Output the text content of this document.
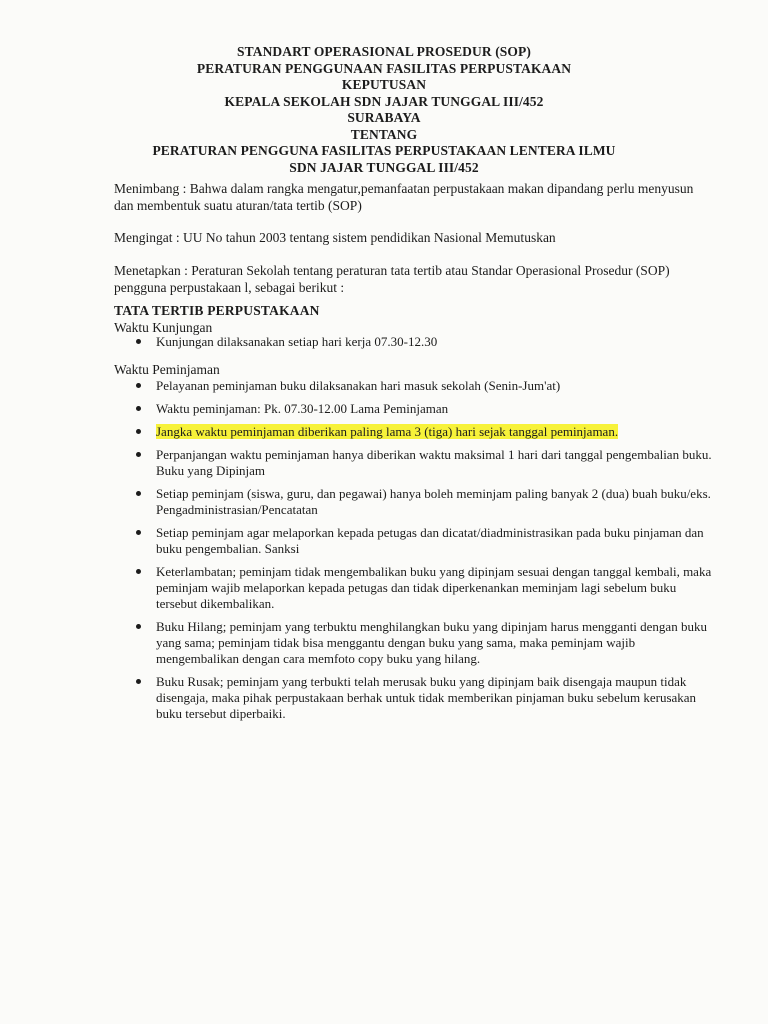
STANDART OPERASIONAL PROSEDUR (SOP)
PERATURAN PENGGUNAAN FASILITAS PERPUSTAKAAN
KEPUTUSAN
KEPALA SEKOLAH SDN JAJAR TUNGGAL III/452
SURABAYA
TENTANG
PERATURAN PENGGUNA FASILITAS PERPUSTAKAAN LENTERA ILMU
SDN JAJAR TUNGGAL III/452
Menimbang : Bahwa dalam rangka mengatur,pemanfaatan perpustakaan makan dipandang perlu menyusun dan membentuk suatu aturan/tata tertib (SOP)
Mengingat : UU No tahun 2003 tentang sistem pendidikan Nasional Memutuskan
Menetapkan : Peraturan Sekolah tentang peraturan tata tertib atau Standar Operasional Prosedur (SOP) pengguna perpustakaan l, sebagai berikut :
TATA TERTIB PERPUSTAKAAN
Waktu Kunjungan
Kunjungan dilaksanakan setiap hari kerja 07.30-12.30
Waktu Peminjaman
Pelayanan peminjaman buku dilaksanakan hari masuk sekolah (Senin-Jum'at)
Waktu peminjaman: Pk. 07.30-12.00 Lama Peminjaman
Jangka waktu peminjaman diberikan paling lama 3 (tiga) hari sejak tanggal peminjaman.
Perpanjangan waktu peminjaman hanya diberikan waktu maksimal 1 hari dari tanggal pengembalian buku. Buku yang Dipinjam
Setiap peminjam (siswa, guru, dan pegawai) hanya boleh meminjam paling banyak 2 (dua) buah buku/eks. Pengadministrasian/Pencatatan
Setiap peminjam agar melaporkan kepada petugas dan dicatat/diadministrasikan pada buku pinjaman dan buku pengembalian. Sanksi
Keterlambatan; peminjam tidak mengembalikan buku yang dipinjam sesuai dengan tanggal kembali, maka peminjam wajib melaporkan kepada petugas dan tidak diperkenankan meminjam lagi sebelum buku tersebut dikembalikan.
Buku Hilang; peminjam yang terbuktu menghilangkan buku yang dipinjam harus mengganti dengan buku yang sama; peminjam tidak bisa menggantu dengan buku yang sama, maka peminjam wajib mengembalikan dengan cara memfoto copy buku yang hilang.
Buku Rusak; peminjam yang terbukti telah merusak buku yang dipinjam baik disengaja maupun tidak disengaja, maka pihak perpustakaan berhak untuk tidak memberikan pinjaman buku sebelum kerusakan buku tersebut diperbaiki.
